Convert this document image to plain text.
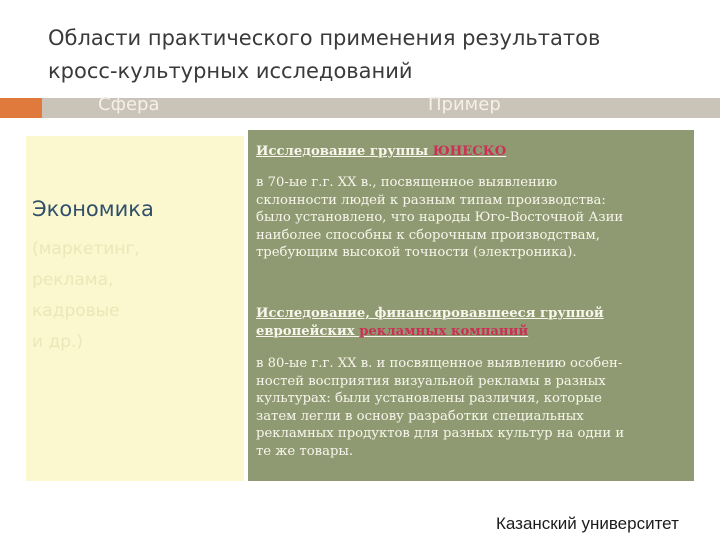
Области практического применения результатов
кросс-культурных исследований
Сфера	Пример
Экономика
(маркетинг,
реклама,
кадровые
и др.)
Исследование группы ЮНЕСКО
в 70-ые г.г. XX в., посвященное выявлению
склонности людей к разным типам производства:
было установлено, что народы Юго-Восточной Азии
наиболее способны к сборочным производствам,
требующим высокой точности (электроника).
Исследование, финансировавшееся группой
европейских рекламных компаний
в 80-ые г.г. XX в. и посвященное выявлению особен-
ностей восприятия визуальной рекламы в разных
культурах: были установлены различия, которые
затем легли в основу разработки специальных
рекламных продуктов для разных культур на одни и
те же товары.
Казанский университет
